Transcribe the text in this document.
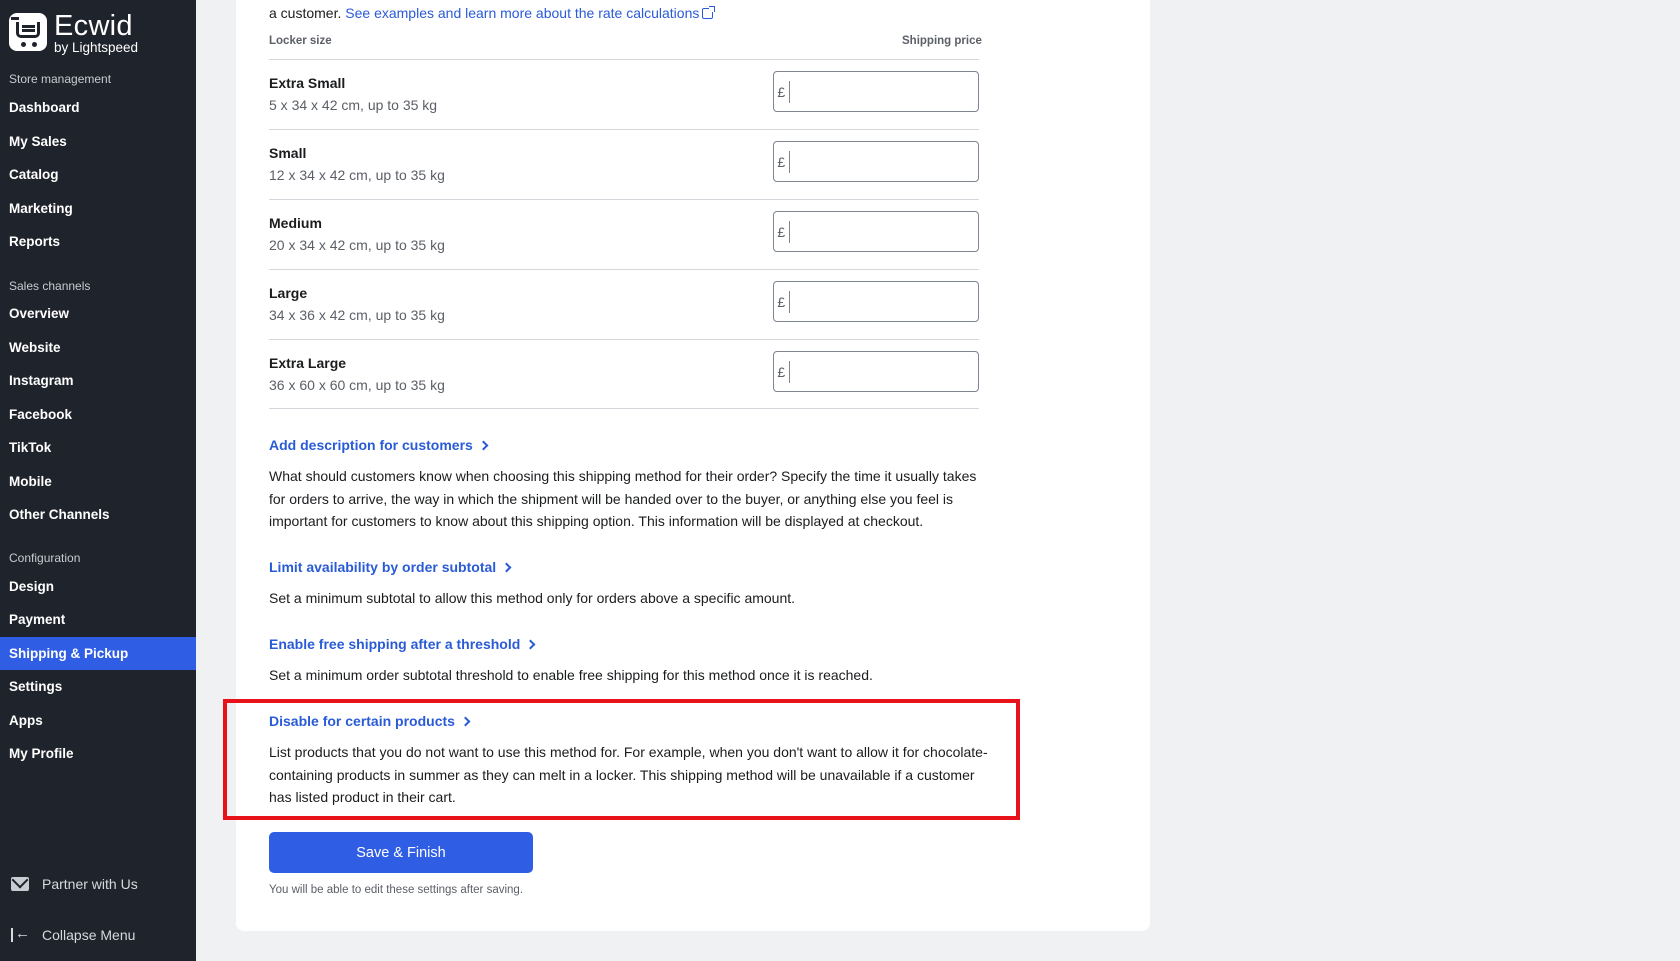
Ecwid
by Lightspeed
Store management
Dashboard
My Sales
Catalog
Marketing
Reports
Sales channels
Overview
Website
Instagram
Facebook
TikTok
Mobile
Other Channels
Configuration
Design
Payment
Shipping & Pickup
Settings
Apps
My Profile
Partner with Us
←
Collapse Menu
a customer. See examples and learn more about the rate calculations
Locker size	Shipping price
Extra Small
5 x 34 x 42 cm, up to 35 kg
£
Small
12 x 34 x 42 cm, up to 35 kg
£
Medium
20 x 34 x 42 cm, up to 35 kg
£
Large
34 x 36 x 42 cm, up to 35 kg
£
Extra Large
36 x 60 x 60 cm, up to 35 kg
£
Add description for customers
What should customers know when choosing this shipping method for their order? Specify the time it usually takes for orders to arrive, the way in which the shipment will be handed over to the buyer, or anything else you feel is important for customers to know about this shipping option. This information will be displayed at checkout.
Limit availability by order subtotal
Set a minimum subtotal to allow this method only for orders above a specific amount.
Enable free shipping after a threshold
Set a minimum order subtotal threshold to enable free shipping for this method once it is reached.
Disable for certain products
List products that you do not want to use this method for. For example, when you don't want to allow it for chocolate-containing products in summer as they can melt in a locker. This shipping method will be unavailable if a customer has listed product in their cart.
Save & Finish
You will be able to edit these settings after saving.
